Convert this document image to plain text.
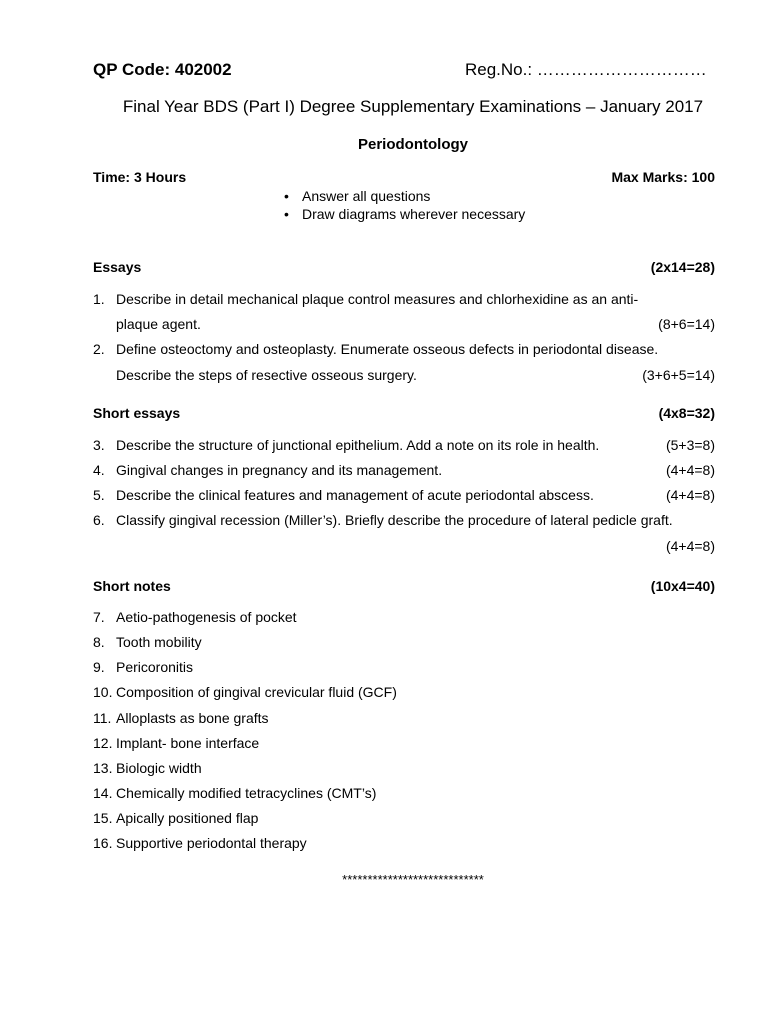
QP Code: 402002	Reg.No.: …………………………
Final Year BDS (Part I) Degree Supplementary Examinations – January 2017
Periodontology
Time: 3 Hours	Max Marks: 100
• Answer all questions
• Draw diagrams wherever necessary
Essays	(2x14=28)
1. Describe in detail mechanical plaque control measures and chlorhexidine as an anti-
plaque agent.	(8+6=14)
2. Define osteoctomy and osteoplasty. Enumerate osseous defects in periodontal disease.
Describe the steps of resective osseous surgery.	(3+6+5=14)
Short essays	(4x8=32)
3. Describe the structure of junctional epithelium. Add a note on its role in health.	(5+3=8)
4. Gingival changes in pregnancy and its management.	(4+4=8)
5. Describe the clinical features and management of acute periodontal abscess.	(4+4=8)
6. Classify gingival recession (Miller’s). Briefly describe the procedure of lateral pedicle graft.
(4+4=8)
Short notes	(10x4=40)
7. Aetio-pathogenesis of pocket
8. Tooth mobility
9. Pericoronitis
10. Composition of gingival crevicular fluid (GCF)
11. Alloplasts as bone grafts
12. Implant- bone interface
13. Biologic width
14. Chemically modified tetracyclines (CMT’s)
15. Apically positioned flap
16. Supportive periodontal therapy
****************************
